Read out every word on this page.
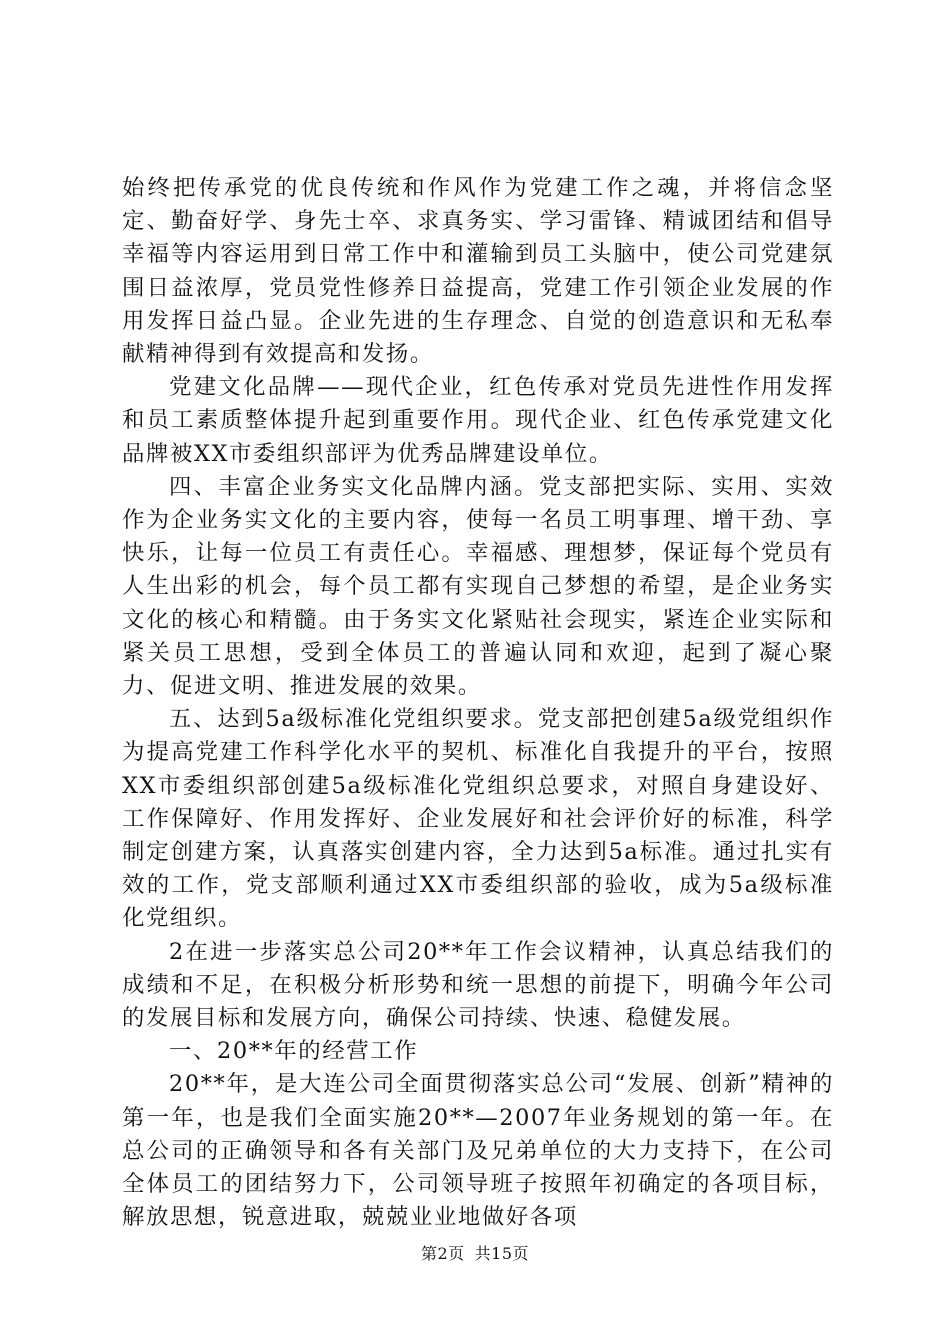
始终把传承党的优良传统和作风作为党建工作之魂，并将信念坚定、勤奋好学、身先士卒、求真务实、学习雷锋、精诚团结和倡导幸福等内容运用到日常工作中和灌输到员工头脑中，使公司党建氛围日益浓厚，党员党性修养日益提高，党建工作引领企业发展的作用发挥日益凸显。企业先进的生存理念、自觉的创造意识和无私奉献精神得到有效提高和发扬。

党建文化品牌——现代企业，红色传承对党员先进性作用发挥和员工素质整体提升起到重要作用。现代企业、红色传承党建文化品牌被XX市委组织部评为优秀品牌建设单位。

四、丰富企业务实文化品牌内涵。党支部把实际、实用、实效作为企业务实文化的主要内容，使每一名员工明事理、增干劲、享快乐，让每一位员工有责任心。幸福感、理想梦，保证每个党员有人生出彩的机会，每个员工都有实现自己梦想的希望，是企业务实文化的核心和精髓。由于务实文化紧贴社会现实，紧连企业实际和紧关员工思想，受到全体员工的普遍认同和欢迎，起到了凝心聚力、促进文明、推进发展的效果。

五、达到5a级标准化党组织要求。党支部把创建5a级党组织作为提高党建工作科学化水平的契机、标准化自我提升的平台，按照XX市委组织部创建5a级标准化党组织总要求，对照自身建设好、工作保障好、作用发挥好、企业发展好和社会评价好的标准，科学制定创建方案，认真落实创建内容，全力达到5a标准。通过扎实有效的工作，党支部顺利通过XX市委组织部的验收，成为5a级标准化党组织。

2在进一步落实总公司20**年工作会议精神，认真总结我们的成绩和不足，在积极分析形势和统一思想的前提下，明确今年公司的发展目标和发展方向，确保公司持续、快速、稳健发展。

一、20**年的经营工作

20**年，是大连公司全面贯彻落实总公司“发展、创新”精神的第一年，也是我们全面实施20**—2007年业务规划的第一年。在总公司的正确领导和各有关部门及兄弟单位的大力支持下，在公司全体员工的团结努力下，公司领导班子按照年初确定的各项目标，解放思想，锐意进取，兢兢业业地做好各项

第2页 共15页
